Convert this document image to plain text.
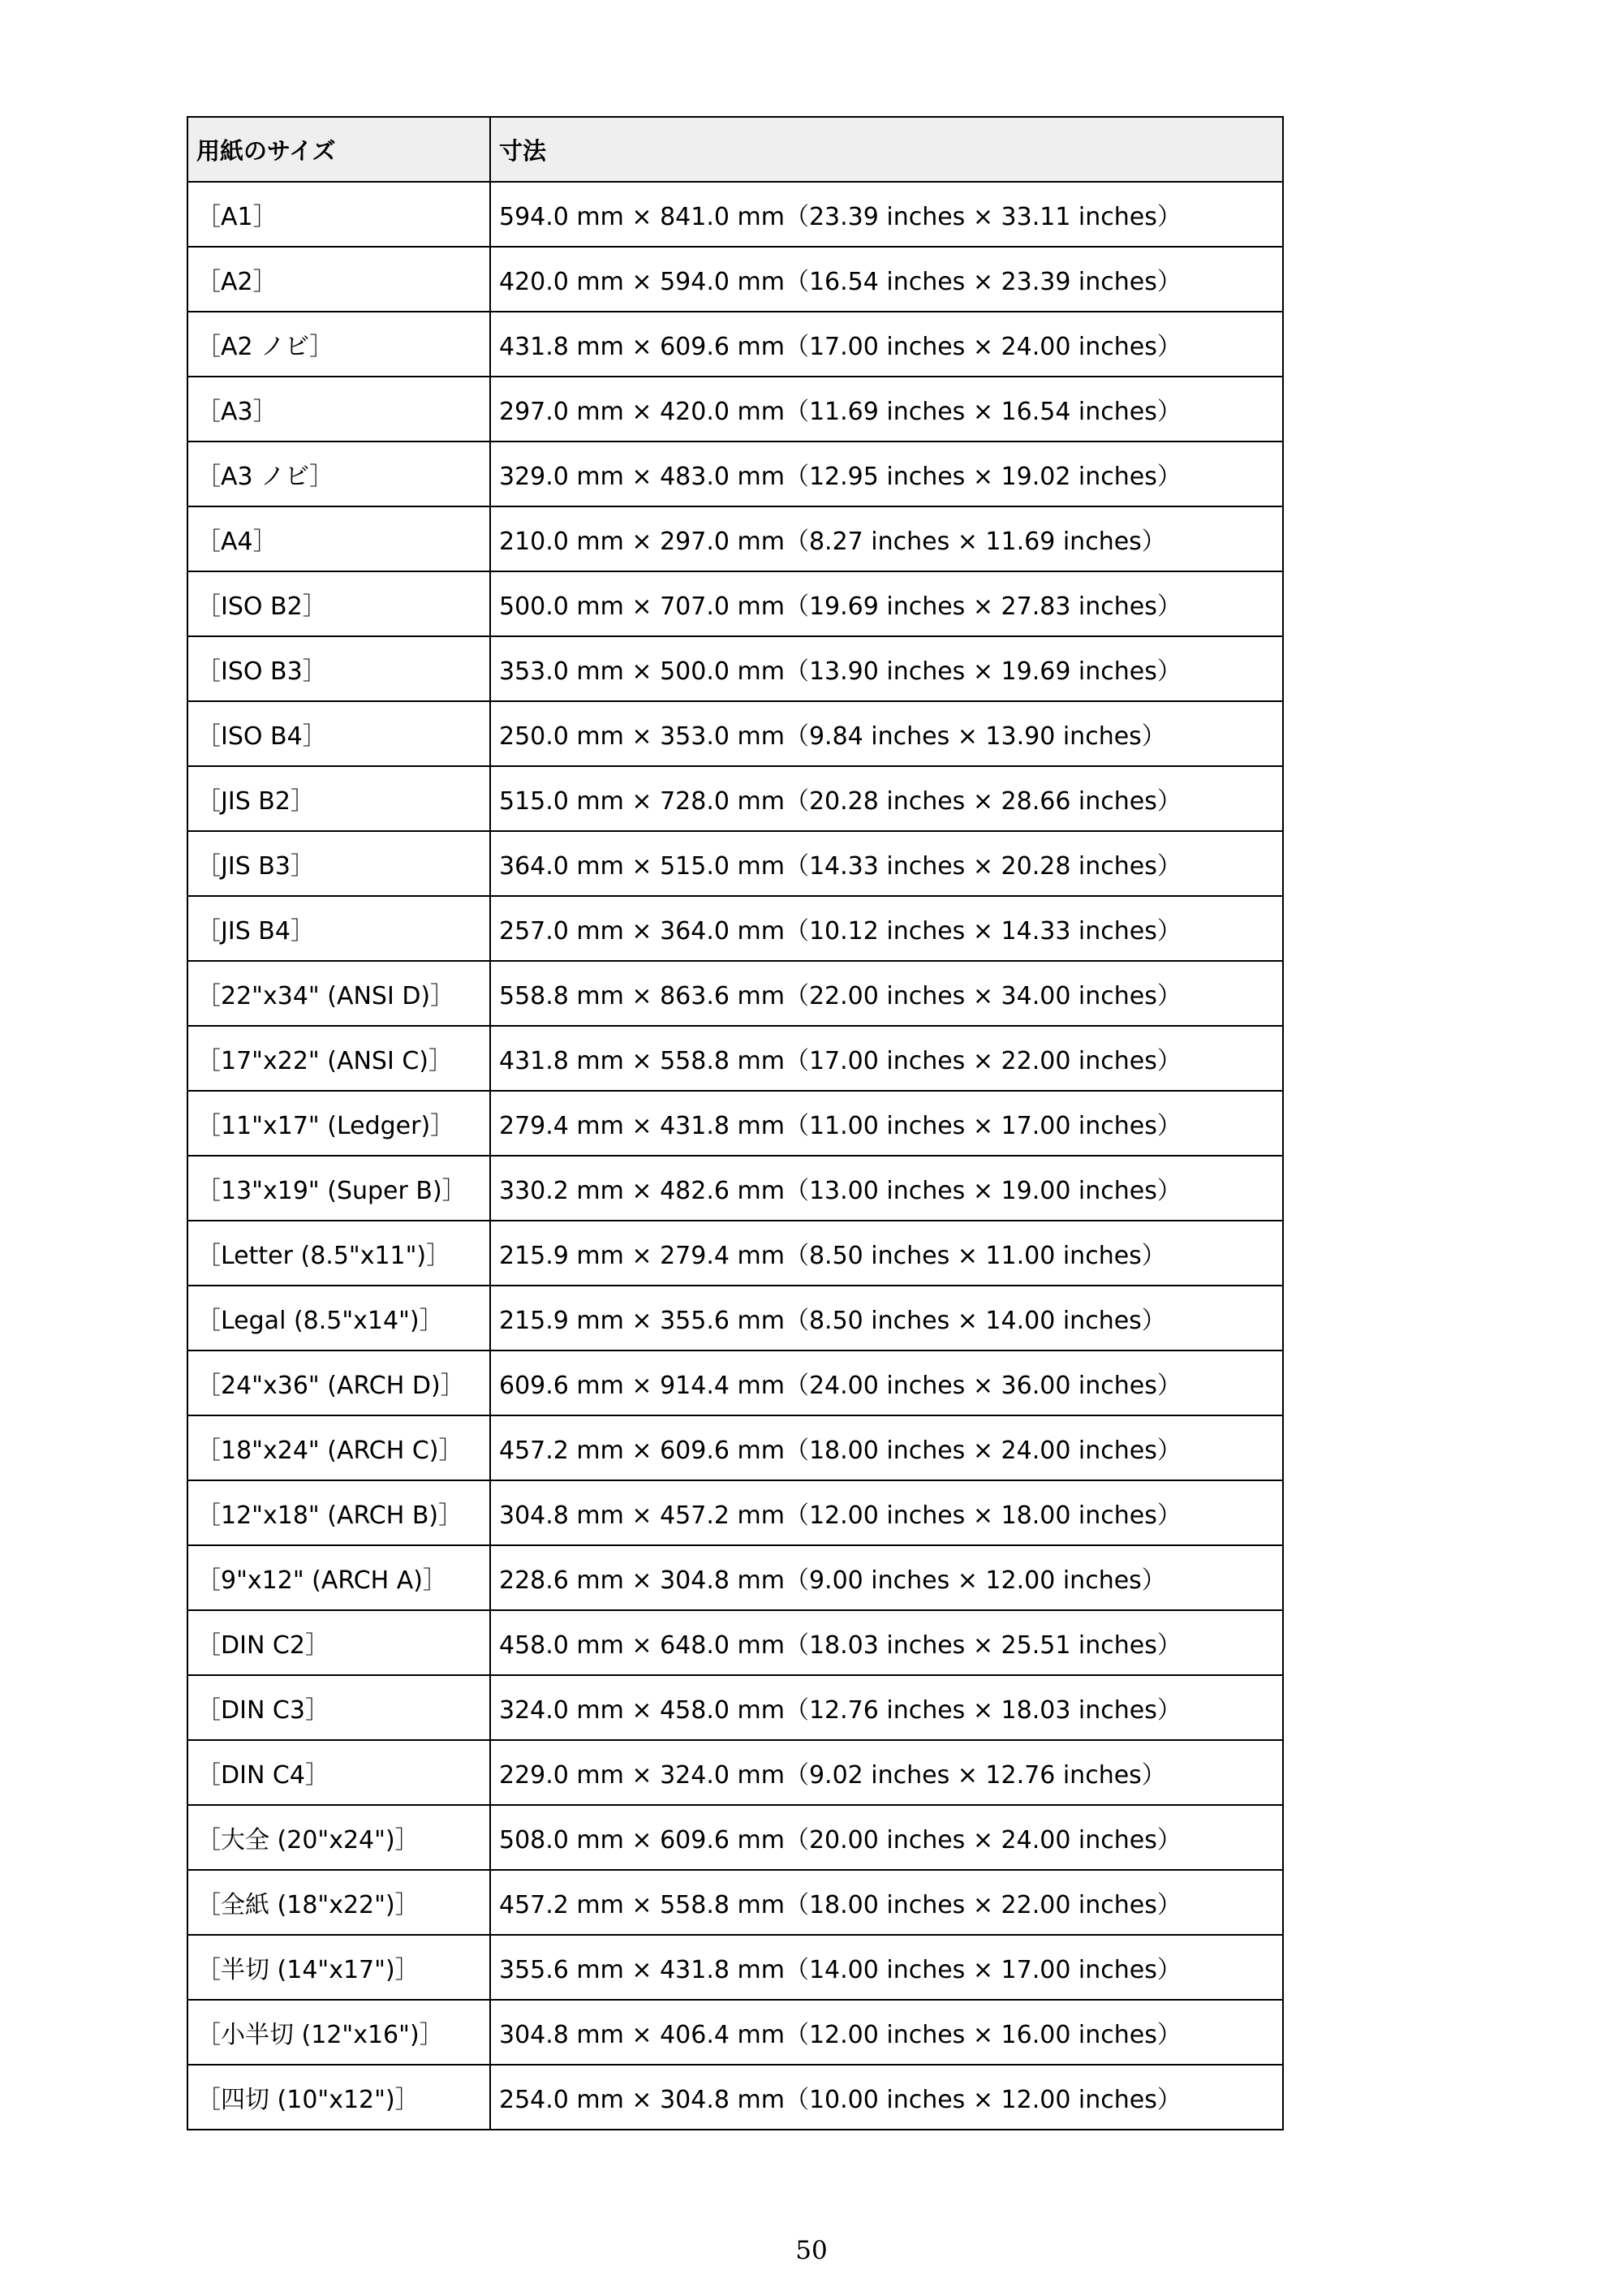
用紙のサイズ	寸法
［A1］	594.0 mm × 841.0 mm（23.39 inches × 33.11 inches）
［A2］	420.0 mm × 594.0 mm（16.54 inches × 23.39 inches）
［A2 ノビ］	431.8 mm × 609.6 mm（17.00 inches × 24.00 inches）
［A3］	297.0 mm × 420.0 mm（11.69 inches × 16.54 inches）
［A3 ノビ］	329.0 mm × 483.0 mm（12.95 inches × 19.02 inches）
［A4］	210.0 mm × 297.0 mm（8.27 inches × 11.69 inches）
［ISO B2］	500.0 mm × 707.0 mm（19.69 inches × 27.83 inches）
［ISO B3］	353.0 mm × 500.0 mm（13.90 inches × 19.69 inches）
［ISO B4］	250.0 mm × 353.0 mm（9.84 inches × 13.90 inches）
［JIS B2］	515.0 mm × 728.0 mm（20.28 inches × 28.66 inches）
［JIS B3］	364.0 mm × 515.0 mm（14.33 inches × 20.28 inches）
［JIS B4］	257.0 mm × 364.0 mm（10.12 inches × 14.33 inches）
［22"x34" (ANSI D)］	558.8 mm × 863.6 mm（22.00 inches × 34.00 inches）
［17"x22" (ANSI C)］	431.8 mm × 558.8 mm（17.00 inches × 22.00 inches）
［11"x17" (Ledger)］	279.4 mm × 431.8 mm（11.00 inches × 17.00 inches）
［13"x19" (Super B)］	330.2 mm × 482.6 mm（13.00 inches × 19.00 inches）
［Letter (8.5"x11")］	215.9 mm × 279.4 mm（8.50 inches × 11.00 inches）
［Legal (8.5"x14")］	215.9 mm × 355.6 mm（8.50 inches × 14.00 inches）
［24"x36" (ARCH D)］	609.6 mm × 914.4 mm（24.00 inches × 36.00 inches）
［18"x24" (ARCH C)］	457.2 mm × 609.6 mm（18.00 inches × 24.00 inches）
［12"x18" (ARCH B)］	304.8 mm × 457.2 mm（12.00 inches × 18.00 inches）
［9"x12" (ARCH A)］	228.6 mm × 304.8 mm（9.00 inches × 12.00 inches）
［DIN C2］	458.0 mm × 648.0 mm（18.03 inches × 25.51 inches）
［DIN C3］	324.0 mm × 458.0 mm（12.76 inches × 18.03 inches）
［DIN C4］	229.0 mm × 324.0 mm（9.02 inches × 12.76 inches）
［大全 (20"x24")］	508.0 mm × 609.6 mm（20.00 inches × 24.00 inches）
［全紙 (18"x22")］	457.2 mm × 558.8 mm（18.00 inches × 22.00 inches）
［半切 (14"x17")］	355.6 mm × 431.8 mm（14.00 inches × 17.00 inches）
［小半切 (12"x16")］	304.8 mm × 406.4 mm（12.00 inches × 16.00 inches）
［四切 (10"x12")］	254.0 mm × 304.8 mm（10.00 inches × 12.00 inches）
50
